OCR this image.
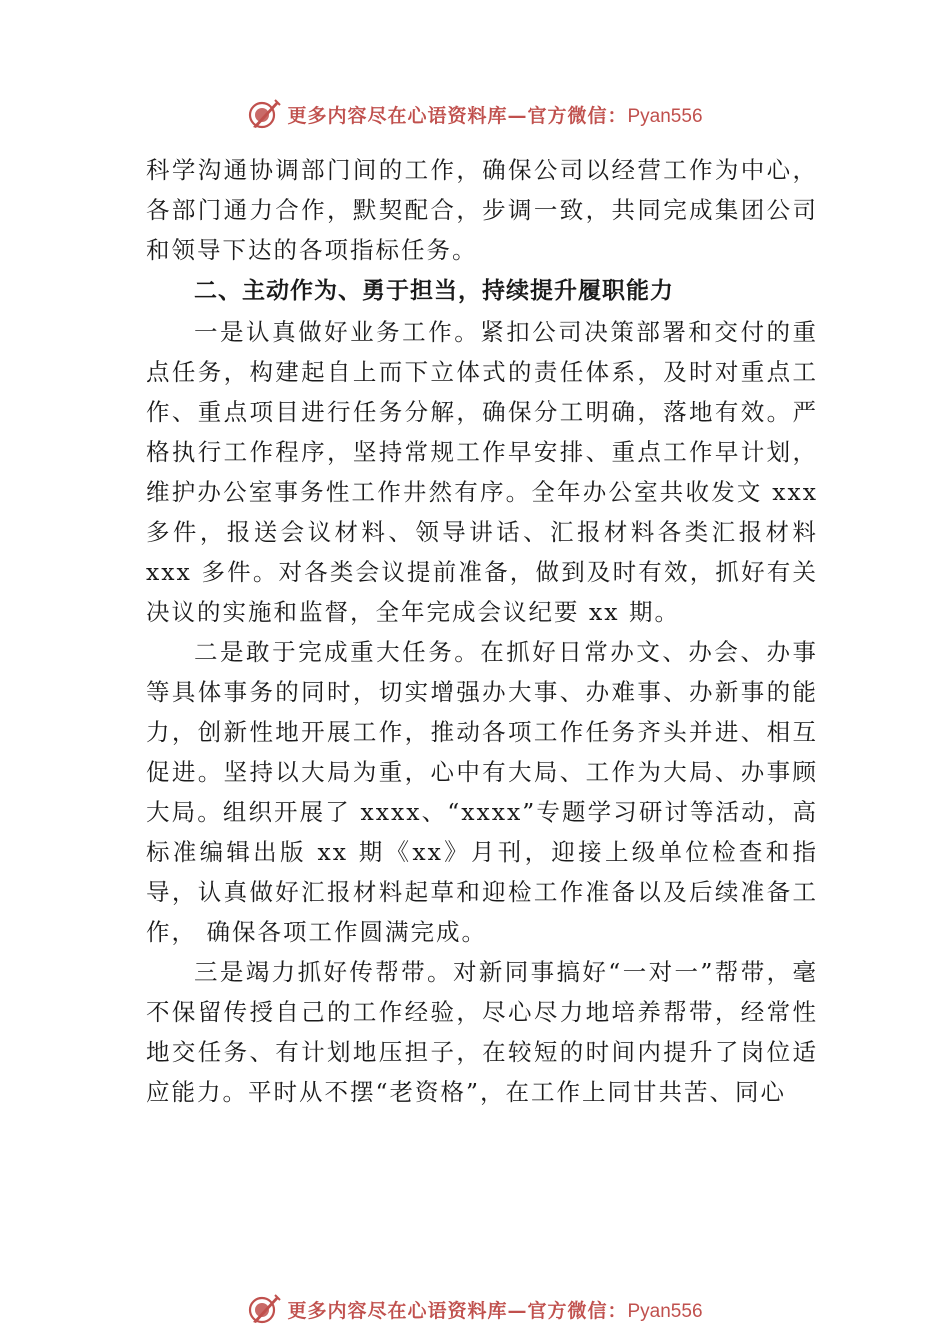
更多内容尽在心语资料库—官方微信：Pyan556

科学沟通协调部门间的工作，确保公司以经营工作为中心， 各部门通力合作，默契配合，步调一致，共同完成集团公司和领导下达的各项指标任务。

二、主动作为、勇于担当，持续提升履职能力

一是认真做好业务工作。紧扣公司决策部署和交付的重点任务，构建起自上而下立体式的责任体系，及时对重点工作、重点项目进行任务分解，确保分工明确，落地有效。严格执行工作程序，坚持常规工作早安排、重点工作早计划， 维护办公室事务性工作井然有序。全年办公室共收发文 xxx 多件，报送会议材料、领导讲话、汇报材料各类汇报材料 xxx 多件。对各类会议提前准备，做到及时有效，抓好有关决议的实施和监督，全年完成会议纪要 xx 期。

二是敢于完成重大任务。在抓好日常办文、办会、办事等具体事务的同时，切实增强办大事、办难事、办新事的能力，创新性地开展工作，推动各项工作任务齐头并进、相互促进。坚持以大局为重，心中有大局、工作为大局、办事顾大局。组织开展了 xxxx、“xxxx”专题学习研讨等活动，高标准编辑出版 xx 期《xx》月刊，迎接上级单位检查和指导，认真做好汇报材料起草和迎检工作准备以及后续准备工作， 确保各项工作圆满完成。

三是竭力抓好传帮带。对新同事搞好“一对一”帮带，毫不保留传授自己的工作经验，尽心尽力地培养帮带，经常性地交任务、有计划地压担子，在较短的时间内提升了岗位适应能力。平时从不摆“老资格”，在工作上同甘共苦、同心

更多内容尽在心语资料库—官方微信：Pyan556
